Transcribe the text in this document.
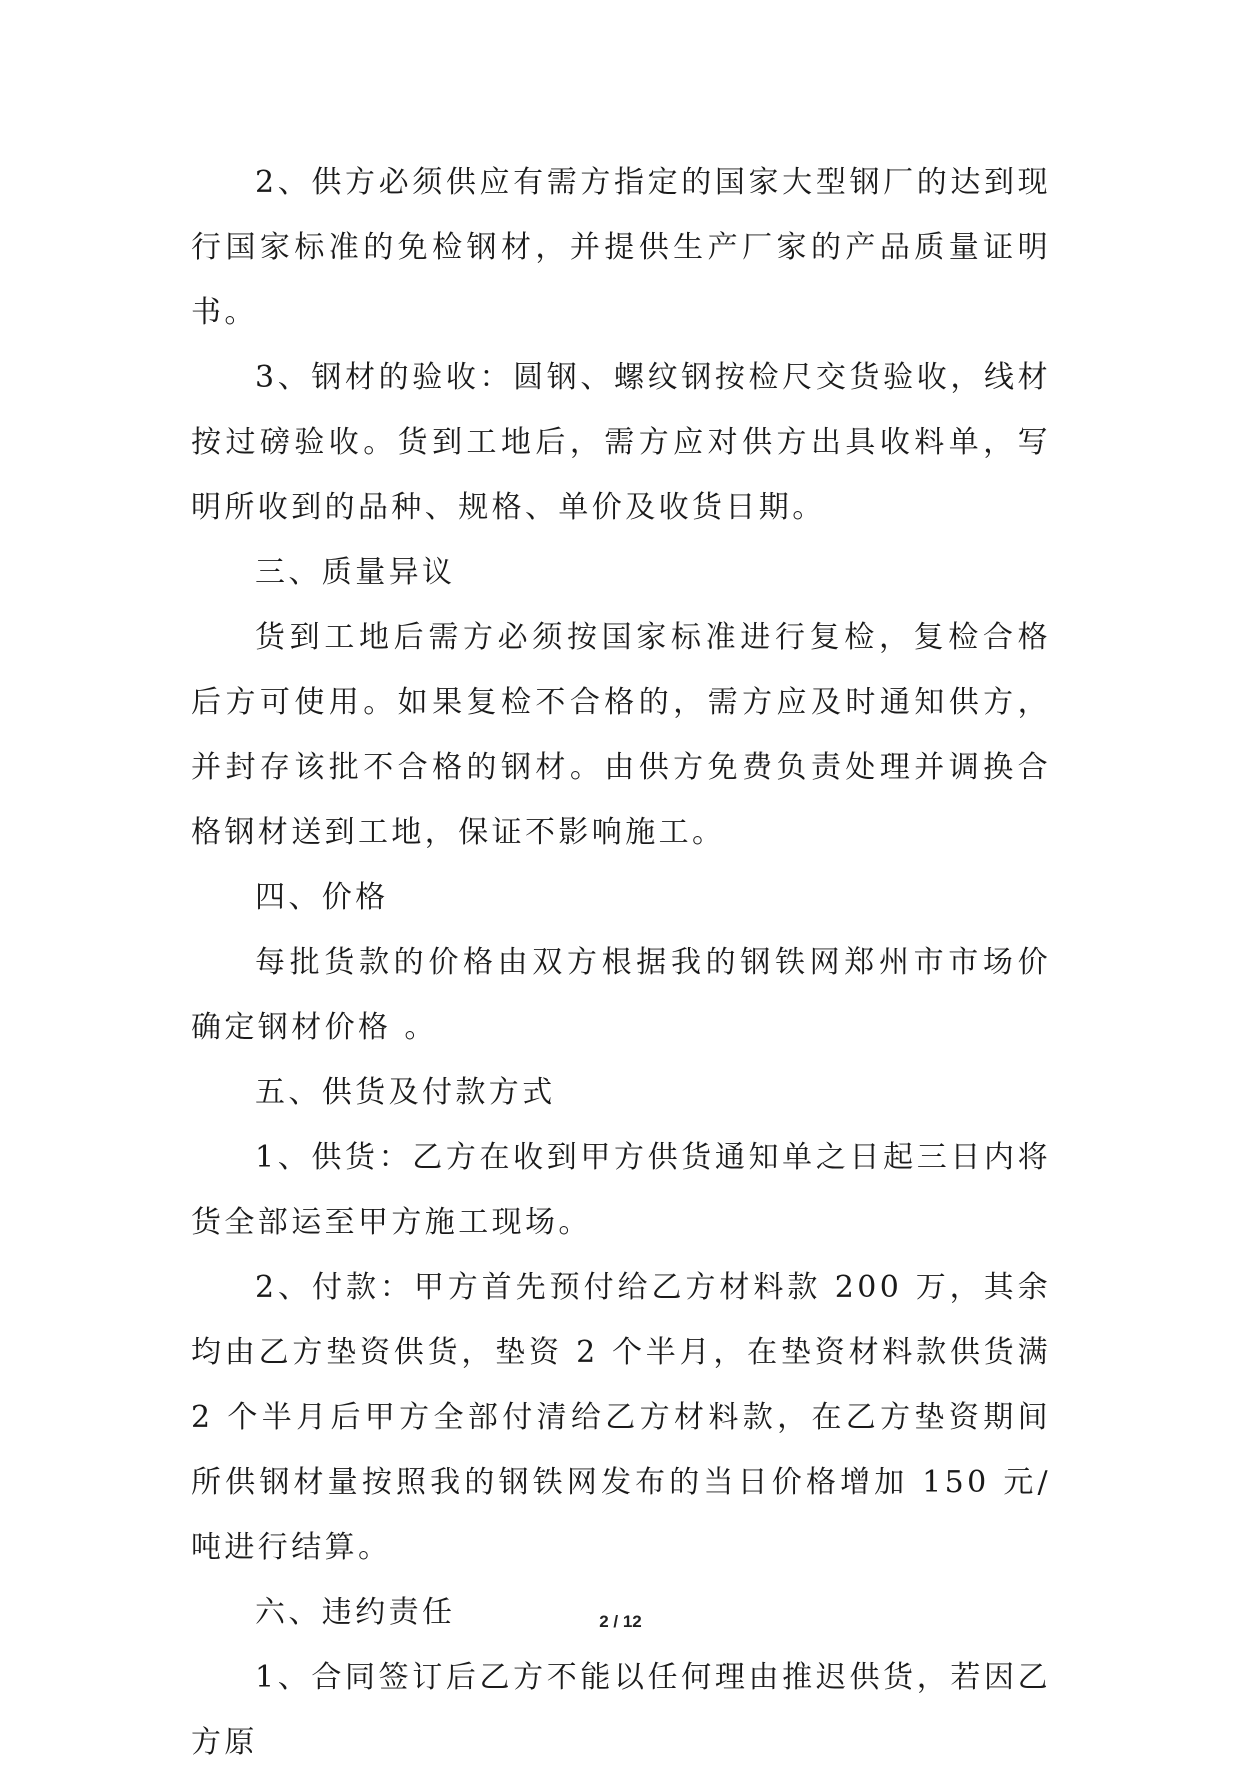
2、供方必须供应有需方指定的国家大型钢厂的达到现行国家标准的免检钢材，并提供生产厂家的产品质量证明书。

3、钢材的验收：圆钢、螺纹钢按检尺交货验收，线材按过磅验收。货到工地后，需方应对供方出具收料单，写明所收到的品种、规格、单价及收货日期。

三、质量异议

货到工地后需方必须按国家标准进行复检，复检合格后方可使用。如果复检不合格的，需方应及时通知供方，并封存该批不合格的钢材。由供方免费负责处理并调换合格钢材送到工地，保证不影响施工。

四、价格

每批货款的价格由双方根据我的钢铁网郑州市市场价确定钢材价格 。

五、供货及付款方式

1、供货：乙方在收到甲方供货通知单之日起三日内将货全部运至甲方施工现场。

2、付款：甲方首先预付给乙方材料款 200 万，其余均由乙方垫资供货，垫资 2 个半月，在垫资材料款供货满 2 个半月后甲方全部付清给乙方材料款，在乙方垫资期间所供钢材量按照我的钢铁网发布的当日价格增加 150 元/吨进行结算。

六、违约责任

1、合同签订后乙方不能以任何理由推迟供货，若因乙方原

2 / 12
